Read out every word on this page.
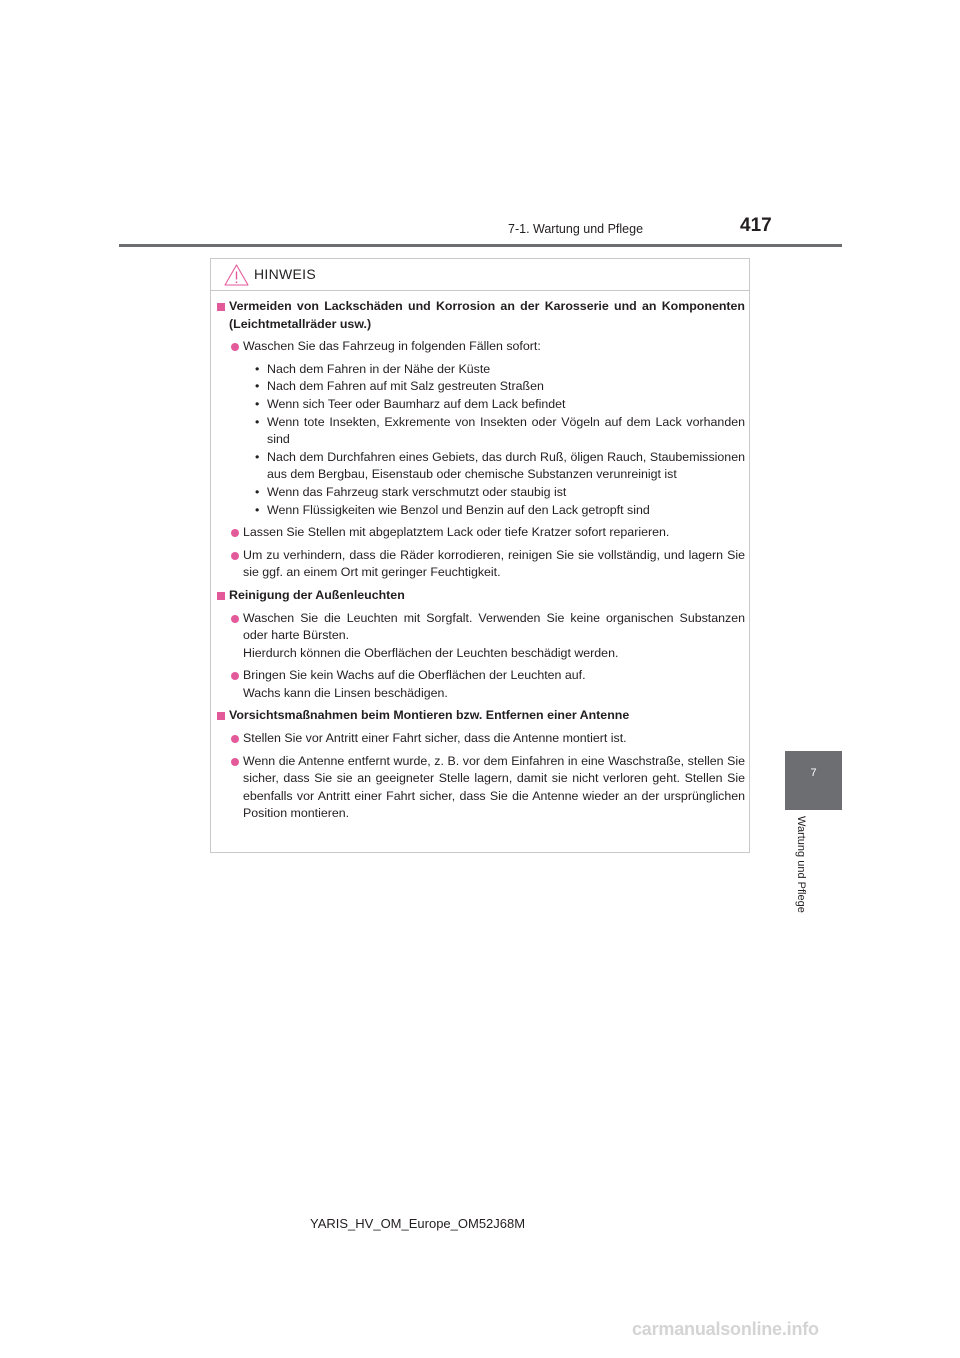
7-1. Wartung und Pflege	417
7
Wartung und Pflege
HINWEIS
Vermeiden von Lackschäden und Korrosion an der Karosserie und an Komponenten (Leichtmetallräder usw.)
Waschen Sie das Fahrzeug in folgenden Fällen sofort:
• Nach dem Fahren in der Nähe der Küste
• Nach dem Fahren auf mit Salz gestreuten Straßen
• Wenn sich Teer oder Baumharz auf dem Lack befindet
• Wenn tote Insekten, Exkremente von Insekten oder Vögeln auf dem Lack vorhanden sind
• Nach dem Durchfahren eines Gebiets, das durch Ruß, öligen Rauch, Staubemissionen aus dem Bergbau, Eisenstaub oder chemische Substanzen verunreinigt ist
• Wenn das Fahrzeug stark verschmutzt oder staubig ist
• Wenn Flüssigkeiten wie Benzol und Benzin auf den Lack getropft sind
Lassen Sie Stellen mit abgeplatztem Lack oder tiefe Kratzer sofort reparieren.
Um zu verhindern, dass die Räder korrodieren, reinigen Sie sie vollständig, und lagern Sie sie ggf. an einem Ort mit geringer Feuchtigkeit.
Reinigung der Außenleuchten
Waschen Sie die Leuchten mit Sorgfalt. Verwenden Sie keine organischen Substanzen oder harte Bürsten.
Hierdurch können die Oberflächen der Leuchten beschädigt werden.
Bringen Sie kein Wachs auf die Oberflächen der Leuchten auf.
Wachs kann die Linsen beschädigen.
Vorsichtsmaßnahmen beim Montieren bzw. Entfernen einer Antenne
Stellen Sie vor Antritt einer Fahrt sicher, dass die Antenne montiert ist.
Wenn die Antenne entfernt wurde, z. B. vor dem Einfahren in eine Waschstraße, stellen Sie sicher, dass Sie sie an geeigneter Stelle lagern, damit sie nicht verloren geht. Stellen Sie ebenfalls vor Antritt einer Fahrt sicher, dass Sie die Antenne wieder an der ursprünglichen Position montieren.
YARIS_HV_OM_Europe_OM52J68M
carmanualsonline.info
